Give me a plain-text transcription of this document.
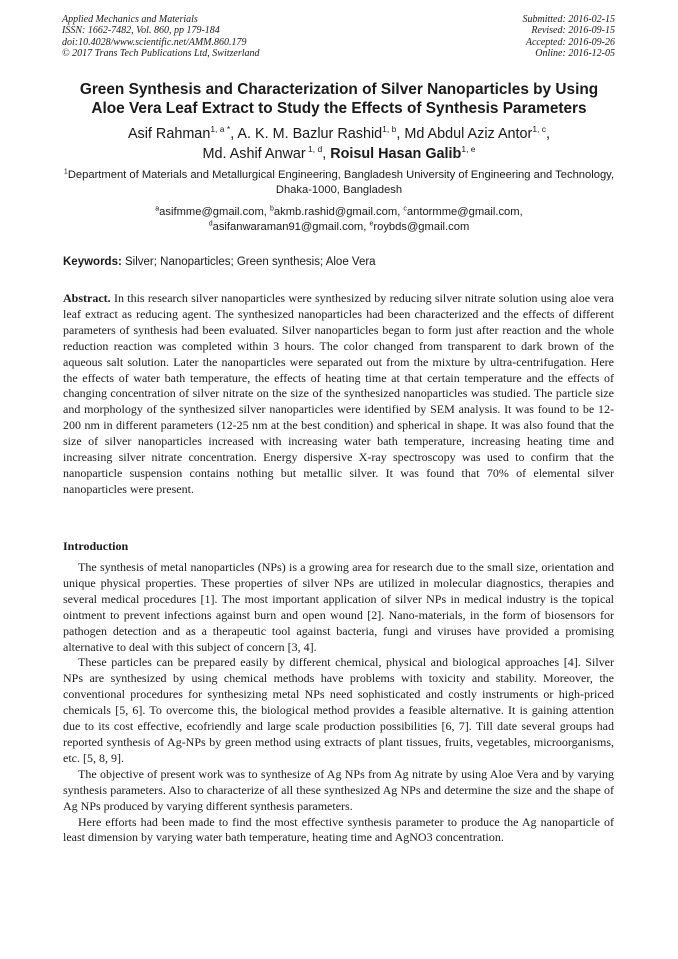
Applied Mechanics and Materials
ISSN: 1662-7482, Vol. 860, pp 179-184
doi:10.4028/www.scientific.net/AMM.860.179
© 2017 Trans Tech Publications Ltd, Switzerland
Submitted: 2016-02-15
Revised: 2016-09-15
Accepted: 2016-09-26
Online: 2016-12-05
Green Synthesis and Characterization of Silver Nanoparticles by Using
Aloe Vera Leaf Extract to Study the Effects of Synthesis Parameters
Asif Rahman$^{1, a *}$, A. K. M. Bazlur Rashid$^{1, b}$, Md Abdul Aziz Antor$^{1, c}$,
Md. Ashif Anwar $^{1, d}$, Roisul Hasan Galib$^{1, e}$
$^1$Department of Materials and Metallurgical Engineering, Bangladesh University of Engineering and Technology, Dhaka-1000, Bangladesh
$^a$asifmme@gmail.com, $^b$akmb.rashid@gmail.com, $^c$antormme@gmail.com,
$^d$asifanwaraman91@gmail.com, $^e$roybds@gmail.com
Keywords: Silver; Nanoparticles; Green synthesis; Aloe Vera

Abstract. In this research silver nanoparticles were synthesized by reducing silver nitrate solution using aloe vera leaf extract as reducing agent. The synthesized nanoparticles had been characterized and the effects of different parameters of synthesis had been evaluated. Silver nanoparticles began to form just after reaction and the whole reduction reaction was completed within 3 hours. The color changed from transparent to dark brown of the aqueous salt solution. Later the nanoparticles were separated out from the mixture by ultra-centrifugation. Here the effects of water bath temperature, the effects of heating time at that certain temperature and the effects of changing concentration of silver nitrate on the size of the synthesized nanoparticles was studied. The particle size and morphology of the synthesized silver nanoparticles were identified by SEM analysis. It was found to be 12-200 nm in different parameters (12-25 nm at the best condition) and spherical in shape. It was also found that the size of silver nanoparticles increased with increasing water bath temperature, increasing heating time and increasing silver nitrate concentration. Energy dispersive X-ray spectroscopy was used to confirm that the nanoparticle suspension contains nothing but metallic silver. It was found that 70% of elemental silver nanoparticles were present.

Introduction

The synthesis of metal nanoparticles (NPs) is a growing area for research due to the small size, orientation and unique physical properties. These properties of silver NPs are utilized in molecular diagnostics, therapies and several medical procedures [1]. The most important application of silver NPs in medical industry is the topical ointment to prevent infections against burn and open wound [2]. Nano-materials, in the form of biosensors for pathogen detection and as a therapeutic tool against bacteria, fungi and viruses have provided a promising alternative to deal with this subject of concern [3, 4].

These particles can be prepared easily by different chemical, physical and biological approaches [4]. Silver NPs are synthesized by using chemical methods have problems with toxicity and stability. Moreover, the conventional procedures for synthesizing metal NPs need sophisticated and costly instruments or high-priced chemicals [5, 6]. To overcome this, the biological method provides a feasible alternative. It is gaining attention due to its cost effective, ecofriendly and large scale production possibilities [6, 7]. Till date several groups had reported synthesis of Ag-NPs by green method using extracts of plant tissues, fruits, vegetables, microorganisms, etc. [5, 8, 9].

The objective of present work was to synthesize of Ag NPs from Ag nitrate by using Aloe Vera and by varying synthesis parameters. Also to characterize of all these synthesized Ag NPs and determine the size and the shape of Ag NPs produced by varying different synthesis parameters.

Here efforts had been made to find the most effective synthesis parameter to produce the Ag nanoparticle of least dimension by varying water bath temperature, heating time and AgNO3 concentration.
